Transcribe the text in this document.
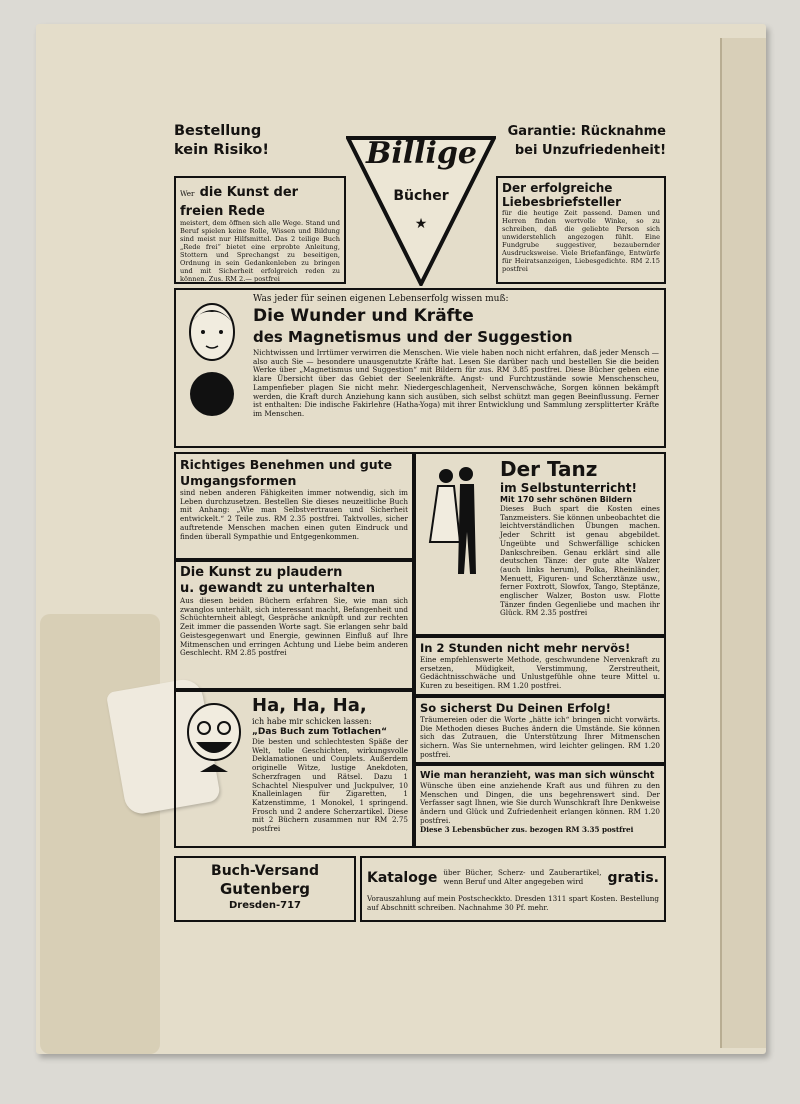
Bestellung
kein Risiko!	Billige
Bücher
★
Garantie: Rücknahme
bei Unzufriedenheit!
Wer die Kunst der freien Rede
meistert, dem öffnen sich alle Wege. Stand und Beruf spielen keine Rolle, Wissen und Bildung sind meist nur Hilfsmittel. Das 2 teilige Buch „Rede frei“ bietet eine erprobte Anleitung, Stottern und Sprechangst zu beseitigen, Ordnung in sein Gedankenleben zu bringen und mit Sicherheit erfolgreich reden zu können. Zus. RM 2.— postfrei
Der erfolgreiche Liebesbriefsteller
für die heutige Zeit passend. Damen und Herren finden wertvolle Winke, so zu schreiben, daß die geliebte Person sich unwiderstehlich angezogen fühlt. Eine Fundgrube suggestiver, bezaubernder Ausdrucksweise. Viele Briefanfänge, Entwürfe für Heiratsanzeigen, Liebesgedichte. RM 2.15 postfrei
Was jeder für seinen eigenen Lebenserfolg wissen muß:
Die Wunder und Kräfte
des Magnetismus und der Suggestion
Nichtwissen und Irrtümer verwirren die Menschen. Wie viele haben noch nicht erfahren, daß jeder Mensch — also auch Sie — besondere unausgenutzte Kräfte hat. Lesen Sie darüber nach und bestellen Sie die beiden Werke über „Magnetismus und Suggestion“ mit Bildern für zus. RM 3.85 postfrei. Diese Bücher geben eine klare Übersicht über das Gebiet der Seelenkräfte. Angst- und Furchtzustände sowie Menschenscheu, Lampenfieber plagen Sie nicht mehr. Niedergeschlagenheit, Nervenschwäche, Sorgen können bekämpft werden, die Kraft durch Anziehung kann sich ausüben, sich selbst schützt man gegen Beeinflussung. Ferner ist enthalten: Die indische Fakirlehre (Hatha-Yoga) mit ihrer Entwicklung und Sammlung zersplitterter Kräfte im Menschen.
Richtiges Benehmen und gute Umgangsformen
sind neben anderen Fähigkeiten immer notwendig, sich im Leben durchzusetzen. Bestellen Sie dieses neuzeitliche Buch mit Anhang: „Wie man Selbstvertrauen und Sicherheit entwickelt.“ 2 Teile zus. RM 2.35 postfrei. Taktvolles, sicher auftretende Menschen machen einen guten Eindruck und finden überall Sympathie und Entgegenkommen.
Die Kunst zu plaudern
u. gewandt zu unterhalten
Aus diesen beiden Büchern erfahren Sie, wie man sich zwanglos unterhält, sich interessant macht, Befangenheit und Schüchternheit ablegt, Gespräche anknüpft und zur rechten Zeit immer die passenden Worte sagt. Sie erlangen sehr bald Geistesgegenwart und Energie, gewinnen Einfluß auf Ihre Mitmenschen und erringen Achtung und Liebe beim anderen Geschlecht. RM 2.85 postfrei
Ha, Ha, Ha,
ich habe mir schicken lassen:
„Das Buch zum Totlachen“
Die besten und schlechtesten Späße der Welt, tolle Geschichten, wirkungsvolle Deklamationen und Couplets. Außerdem originelle Witze, lustige Anekdoten, Scherzfragen und Rätsel. Dazu 1 Schachtel Niespulver und Juckpulver, 10 Knalleinlagen für Zigaretten, 1 Katzenstimme, 1 Monokel, 1 springend. Frosch und 2 andere Scherzartikel. Diese mit 2 Büchern zusammen nur RM 2.75 postfrei
Der Tanz
im Selbstunterricht!
Mit 170 sehr schönen Bildern
Dieses Buch spart die Kosten eines Tanzmeisters. Sie können unbeobachtet die leichtverständlichen Übungen machen. Jeder Schritt ist genau abgebildet. Ungeübte und Schwerfällige schicken Dankschreiben. Genau erklärt sind alle deutschen Tänze: der gute alte Walzer (auch links herum), Polka, Rheinländer, Menuett, Figuren- und Scherztänze usw., ferner Foxtrott, Slowfox, Tango, Steptänze, englischer Walzer, Boston usw. Flotte Tänzer finden Gegenliebe und machen ihr Glück. RM 2.35 postfrei
In 2 Stunden nicht mehr nervös!
Eine empfehlenswerte Methode, geschwundene Nervenkraft zu ersetzen, Müdigkeit, Verstimmung, Zerstreutheit, Gedächtnisschwäche und Unlustgefühle ohne teure Mittel u. Kuren zu beseitigen. RM 1.20 postfrei.
So sicherst Du Deinen Erfolg!
Träumereien oder die Worte „hätte ich“ bringen nicht vorwärts. Die Methoden dieses Buches ändern die Umstände. Sie können sich das Zutrauen, die Unterstützung Ihrer Mitmenschen sichern. Was Sie unternehmen, wird leichter gelingen. RM 1.20 postfrei.
Wie man heranzieht, was man sich wünscht
Wünsche üben eine anziehende Kraft aus und führen zu den Menschen und Dingen, die uns begehrenswert sind. Der Verfasser sagt Ihnen, wie Sie durch Wunschkraft Ihre Denkweise ändern und Glück und Zufriedenheit erlangen können. RM 1.20 postfrei.
Diese 3 Lebensbücher zus. bezogen RM 3.35 postfrei
Buch-Versand
Gutenberg
Dresden-717
Kataloge über Bücher, Scherz- und Zauberartikel, wenn Beruf und Alter angegeben wird	gratis.
Vorauszahlung auf mein Postscheckkto. Dresden 1311 spart Kosten. Bestellung auf Abschnitt schreiben. Nachnahme 30 Pf. mehr.
